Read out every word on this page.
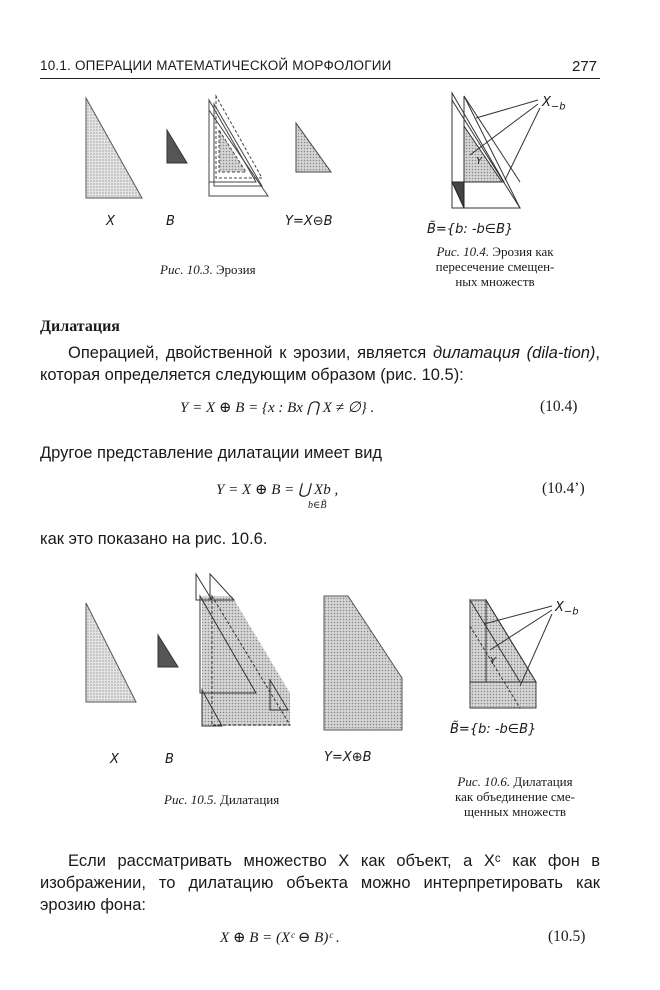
10.1. ОПЕРАЦИИ МАТЕМАТИЧЕСКОЙ МОРФОЛОГИИ	277
X	B	Y=X⊖B
Рис. 10.3. Эрозия
$X_{-b}$
Y
B̃={b: -b∈B}
Рис. 10.4. Эрозия как
пересечение смещен-
ных множеств
Дилатация
Операцией, двойственной к эрозии, является дилатация (dila-tion), которая определяется следующим образом (рис. 10.5):
Y = X ⊕ B = {x : Bx ⋂ X ≠ ∅} .	(10.4)
Другое представление дилатации имеет вид
Y = X ⊕ B = ⋃ Xb ,
b∈B̃
(10.4’)
как это показано на рис. 10.6.
X	B	Y=X⊕B
Рис. 10.5. Дилатация
$X_{-b}$
Y
B̃={b: -b∈B}
Рис. 10.6. Дилатация
как объединение сме-
щенных множеств
Если рассматривать множество X как объект, а Xᶜ как фон в изображении, то дилатацию объекта можно интерпретировать как эрозию фона:
X ⊕ B = (Xᶜ ⊖ B)ᶜ .	(10.5)
